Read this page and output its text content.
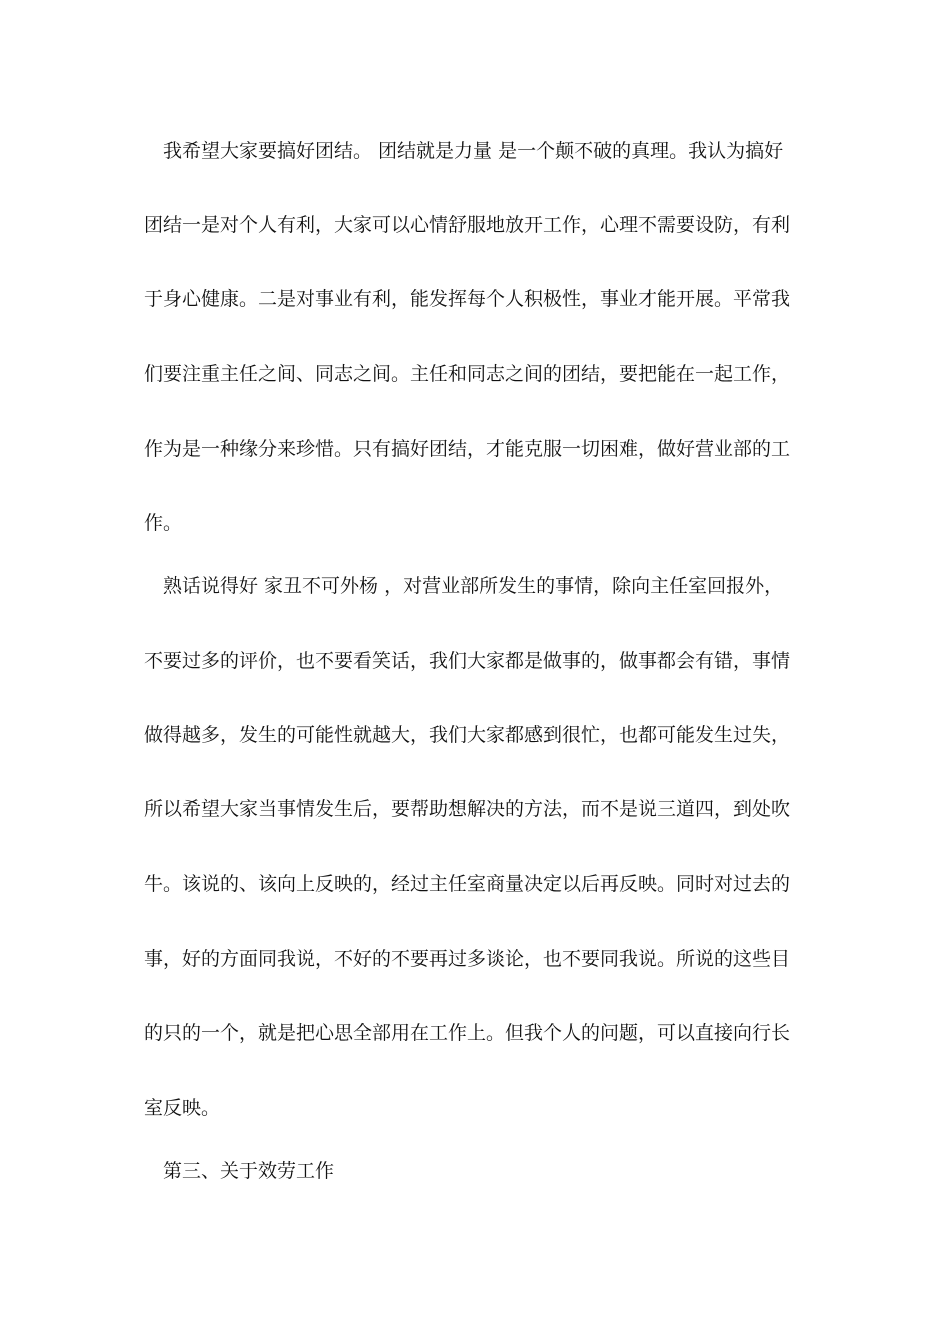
我希望大家要搞好团结。 团结就是力量 是一个颠不破的真理。我认为搞好
团结一是对个人有利，大家可以心情舒服地放开工作，心理不需要设防，有利
于身心健康。二是对事业有利，能发挥每个人积极性，事业才能开展。平常我
们要注重主任之间、同志之间。主任和同志之间的团结，要把能在一起工作，
作为是一种缘分来珍惜。只有搞好团结，才能克服一切困难，做好营业部的工
作。
熟话说得好 家丑不可外杨 ，对营业部所发生的事情，除向主任室回报外，
不要过多的评价，也不要看笑话，我们大家都是做事的，做事都会有错，事情
做得越多，发生的可能性就越大，我们大家都感到很忙，也都可能发生过失，
所以希望大家当事情发生后，要帮助想解决的方法，而不是说三道四，到处吹
牛。该说的、该向上反映的，经过主任室商量决定以后再反映。同时对过去的
事，好的方面同我说，不好的不要再过多谈论，也不要同我说。所说的这些目
的只的一个，就是把心思全部用在工作上。但我个人的问题，可以直接向行长
室反映。
第三、关于效劳工作
